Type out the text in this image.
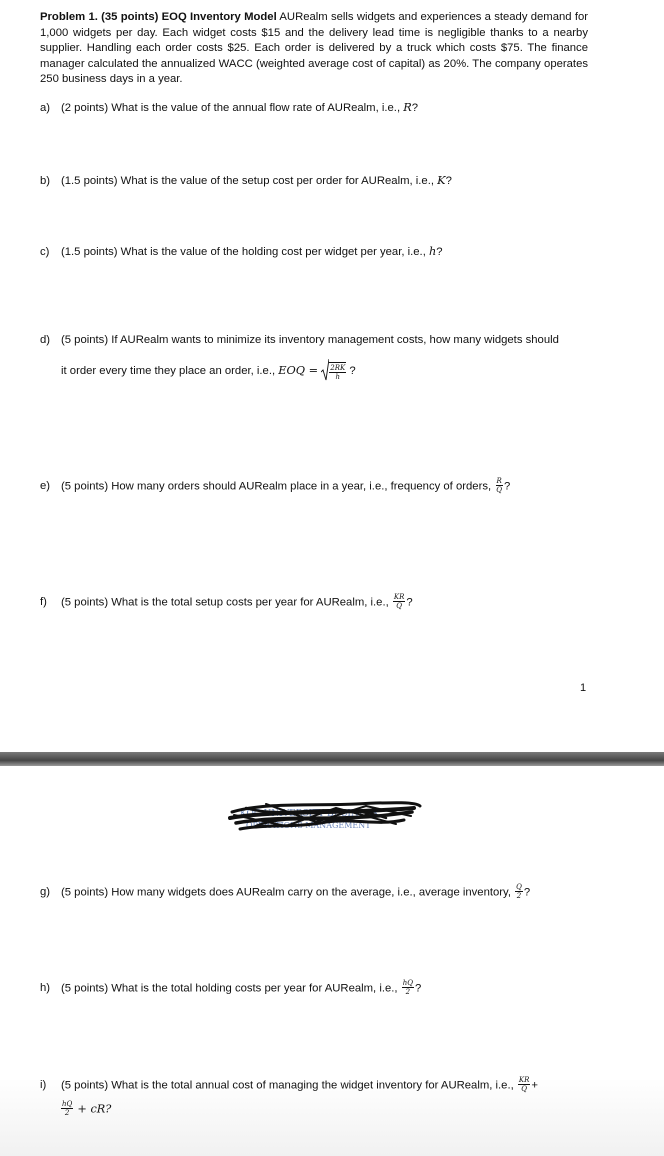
Problem 1. (35 points) EOQ Inventory Model AURealm sells widgets and experiences a steady demand for 1,000 widgets per day. Each widget costs $15 and the delivery lead time is negligible thanks to a nearby supplier. Handling each order costs $25. Each order is delivered by a truck which costs $75. The finance manager calculated the annualized WACC (weighted average cost of capital) as 20%. The company operates 250 business days in a year.
a) (2 points) What is the value of the annual flow rate of AURealm, i.e., R?
b) (1.5 points) What is the value of the setup cost per order for AURealm, i.e., K?
c) (1.5 points) What is the value of the holding cost per widget per year, i.e., h?
d) (5 points) If AURealm wants to minimize its inventory management costs, how many widgets should
it order every time they place an order, i.e., EOQ = $\frac{2RK}{h}$ ?
e) (5 points) How many orders should AURealm place in a year, i.e., frequency of orders, $\frac{R}{Q}$ ?
f) (5 points) What is the total setup costs per year for AURealm, i.e., $\frac{KR}{Q}$ ?
1
KOC UNIVERSITY BUSINESS
OPERATIONS MANAGEMENT
g) (5 points) How many widgets does AURealm carry on the average, i.e., average inventory, $\frac{Q}{2}$ ?
h) (5 points) What is the total holding costs per year for AURealm, i.e., $\frac{hQ}{2}$ ?
i) (5 points) What is the total annual cost of managing the widget inventory for AURealm, i.e., $\frac{KR}{Q}$ +
$\frac{hQ}{2}$ + cR?
